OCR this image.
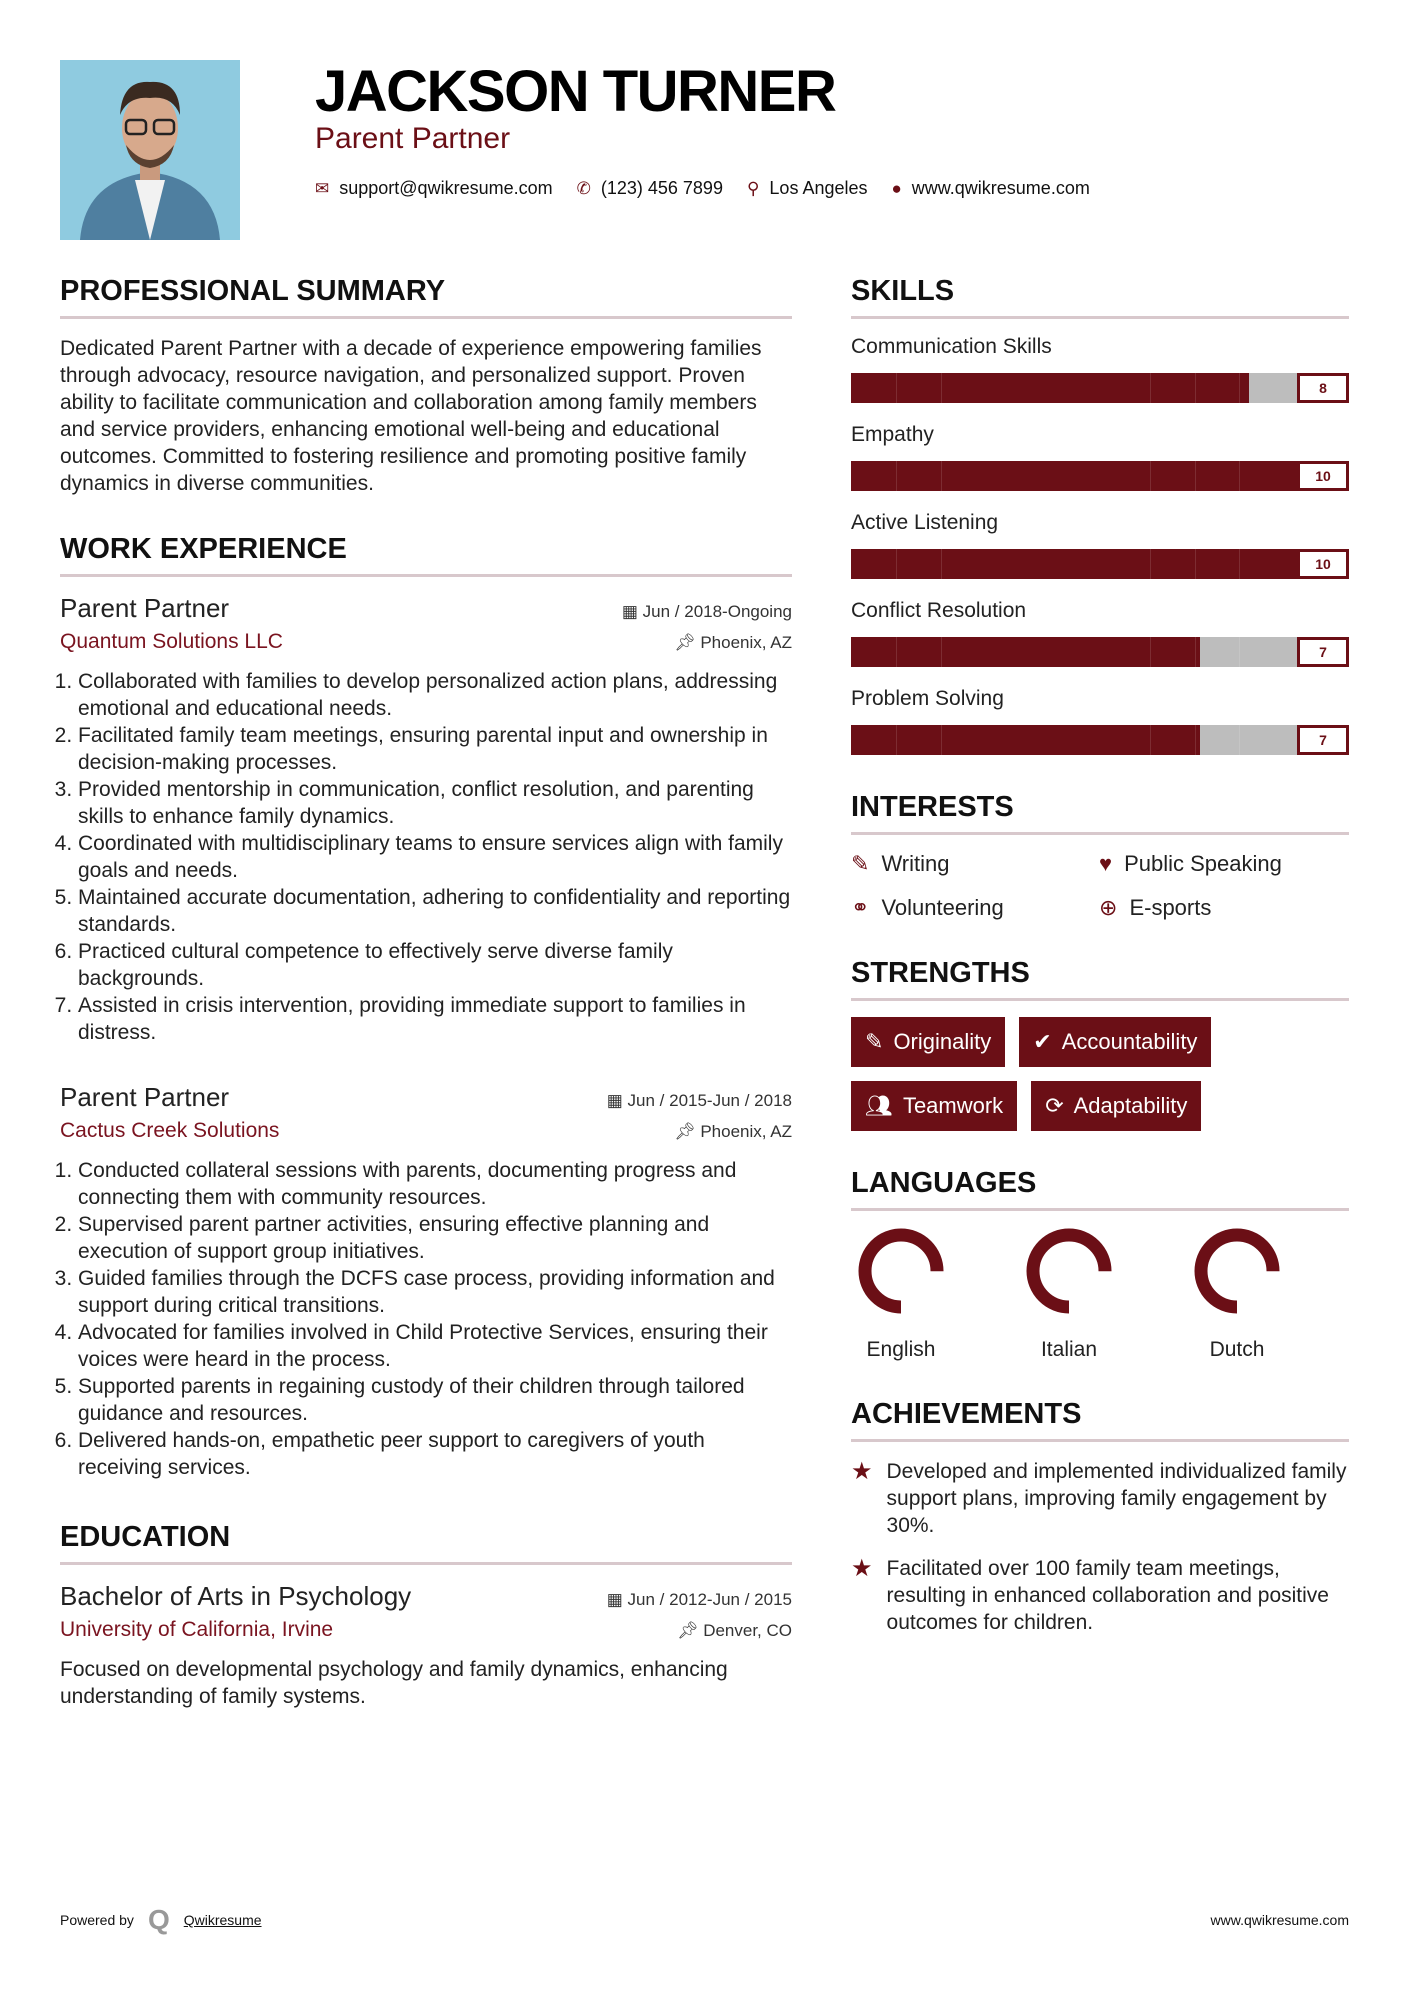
JACKSON TURNER
Parent Partner
✉ support@qwikresume.com ✆ (123) 456 7899 ⚲ Los Angeles ● www.qwikresume.com
PROFESSIONAL SUMMARY

Dedicated Parent Partner with a decade of experience empowering families through advocacy, resource navigation, and personalized support. Proven ability to facilitate communication and collaboration among family members and service providers, enhancing emotional well-being and educational outcomes. Committed to fostering resilience and promoting positive family dynamics in diverse communities.

WORK EXPERIENCE
Parent Partner	▦ Jun / 2018-Ongoing
Quantum Solutions LLC	📌︎ Phoenix, AZ
1. Collaborated with families to develop personalized action plans, addressing emotional and educational needs.
2. Facilitated family team meetings, ensuring parental input and ownership in decision-making processes.
3. Provided mentorship in communication, conflict resolution, and parenting skills to enhance family dynamics.
4. Coordinated with multidisciplinary teams to ensure services align with family goals and needs.
5. Maintained accurate documentation, adhering to confidentiality and reporting standards.
6. Practiced cultural competence to effectively serve diverse family backgrounds.
7. Assisted in crisis intervention, providing immediate support to families in distress.
Parent Partner	▦ Jun / 2015-Jun / 2018
Cactus Creek Solutions	📌︎ Phoenix, AZ
1. Conducted collateral sessions with parents, documenting progress and connecting them with community resources.
2. Supervised parent partner activities, ensuring effective planning and execution of support group initiatives.
3. Guided families through the DCFS case process, providing information and support during critical transitions.
4. Advocated for families involved in Child Protective Services, ensuring their voices were heard in the process.
5. Supported parents in regaining custody of their children through tailored guidance and resources.
6. Delivered hands-on, empathetic peer support to caregivers of youth receiving services.
EDUCATION
Bachelor of Arts in Psychology	▦ Jun / 2012-Jun / 2015
University of California, Irvine	📌︎ Denver, CO

Focused on developmental psychology and family dynamics, enhancing understanding of family systems.

SKILLS
Communication Skills
8
Empathy
10
Active Listening
10
Conflict Resolution
7
Problem Solving
7
INTERESTS
✎ Writing	♥ Public Speaking
⚭ Volunteering	⊕ E-sports
STRENGTHS
✎ Originality ✔ Accountability
👥︎ Teamwork ⟳ Adaptability
LANGUAGES
English	Italian	Dutch
ACHIEVEMENTS
★ Developed and implemented individualized family support plans, improving family engagement by 30%.
★ Facilitated over 100 family team meetings, resulting in enhanced collaboration and positive outcomes for children.
Powered by Q Qwikresume	www.qwikresume.com
